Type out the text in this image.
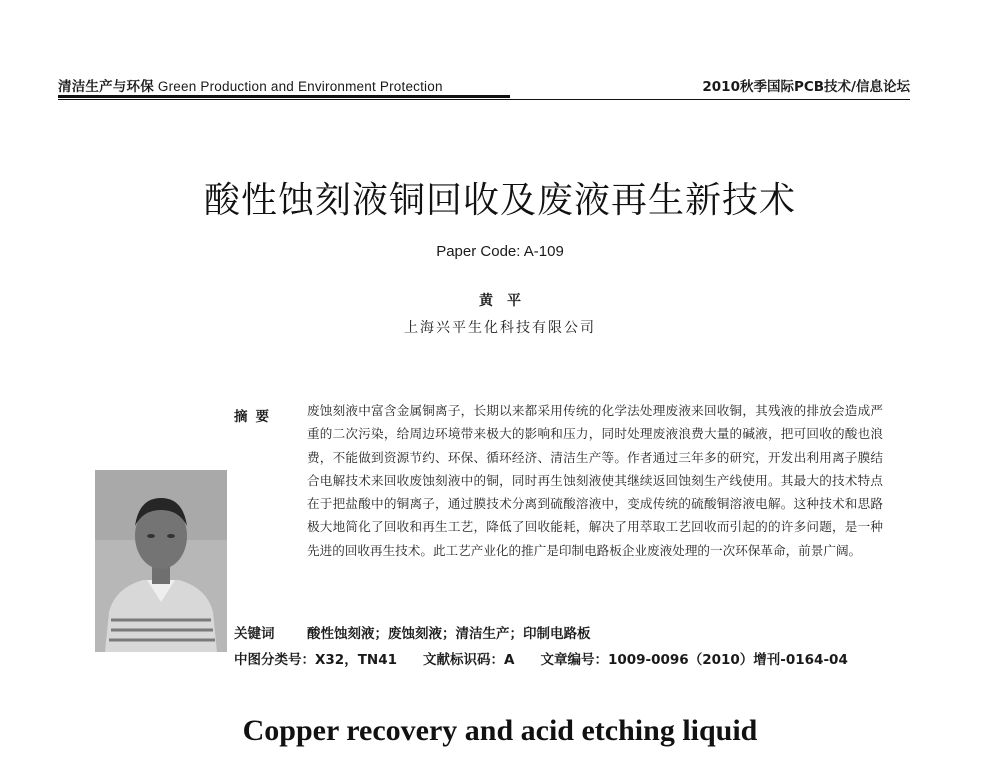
清洁生产与环保 Green Production and Environment Protection	2010秋季国际PCB技术/信息论坛
酸性蚀刻液铜回收及废液再生新技术
Paper Code: A-109
黄平
上海兴平生化科技有限公司
摘要 废蚀刻液中富含金属铜离子，长期以来都采用传统的化学法处理废液来回收铜，其残液的排放会造成严重的二次污染，给周边环境带来极大的影响和压力，同时处理废液浪费大量的碱液，把可回收的酸也浪费，不能做到资源节约、环保、循环经济、清洁生产等。作者通过三年多的研究，开发出利用离子膜结合电解技术来回收废蚀刻液中的铜，同时再生蚀刻液使其继续返回蚀刻生产线使用。其最大的技术特点在于把盐酸中的铜离子，通过膜技术分离到硫酸溶液中，变成传统的硫酸铜溶液电解。这种技术和思路极大地简化了回收和再生工艺，降低了回收能耗，解决了用萃取工艺回收而引起的的许多问题，是一种先进的回收再生技术。此工艺产业化的推广是印制电路板企业废液处理的一次环保革命，前景广阔。
关键词 酸性蚀刻液；废蚀刻液；清洁生产；印制电路板
中图分类号：X32，TN41 文献标识码：A 文章编号：1009-0096（2010）增刊-0164-04
Copper recovery and acid etching liquid
